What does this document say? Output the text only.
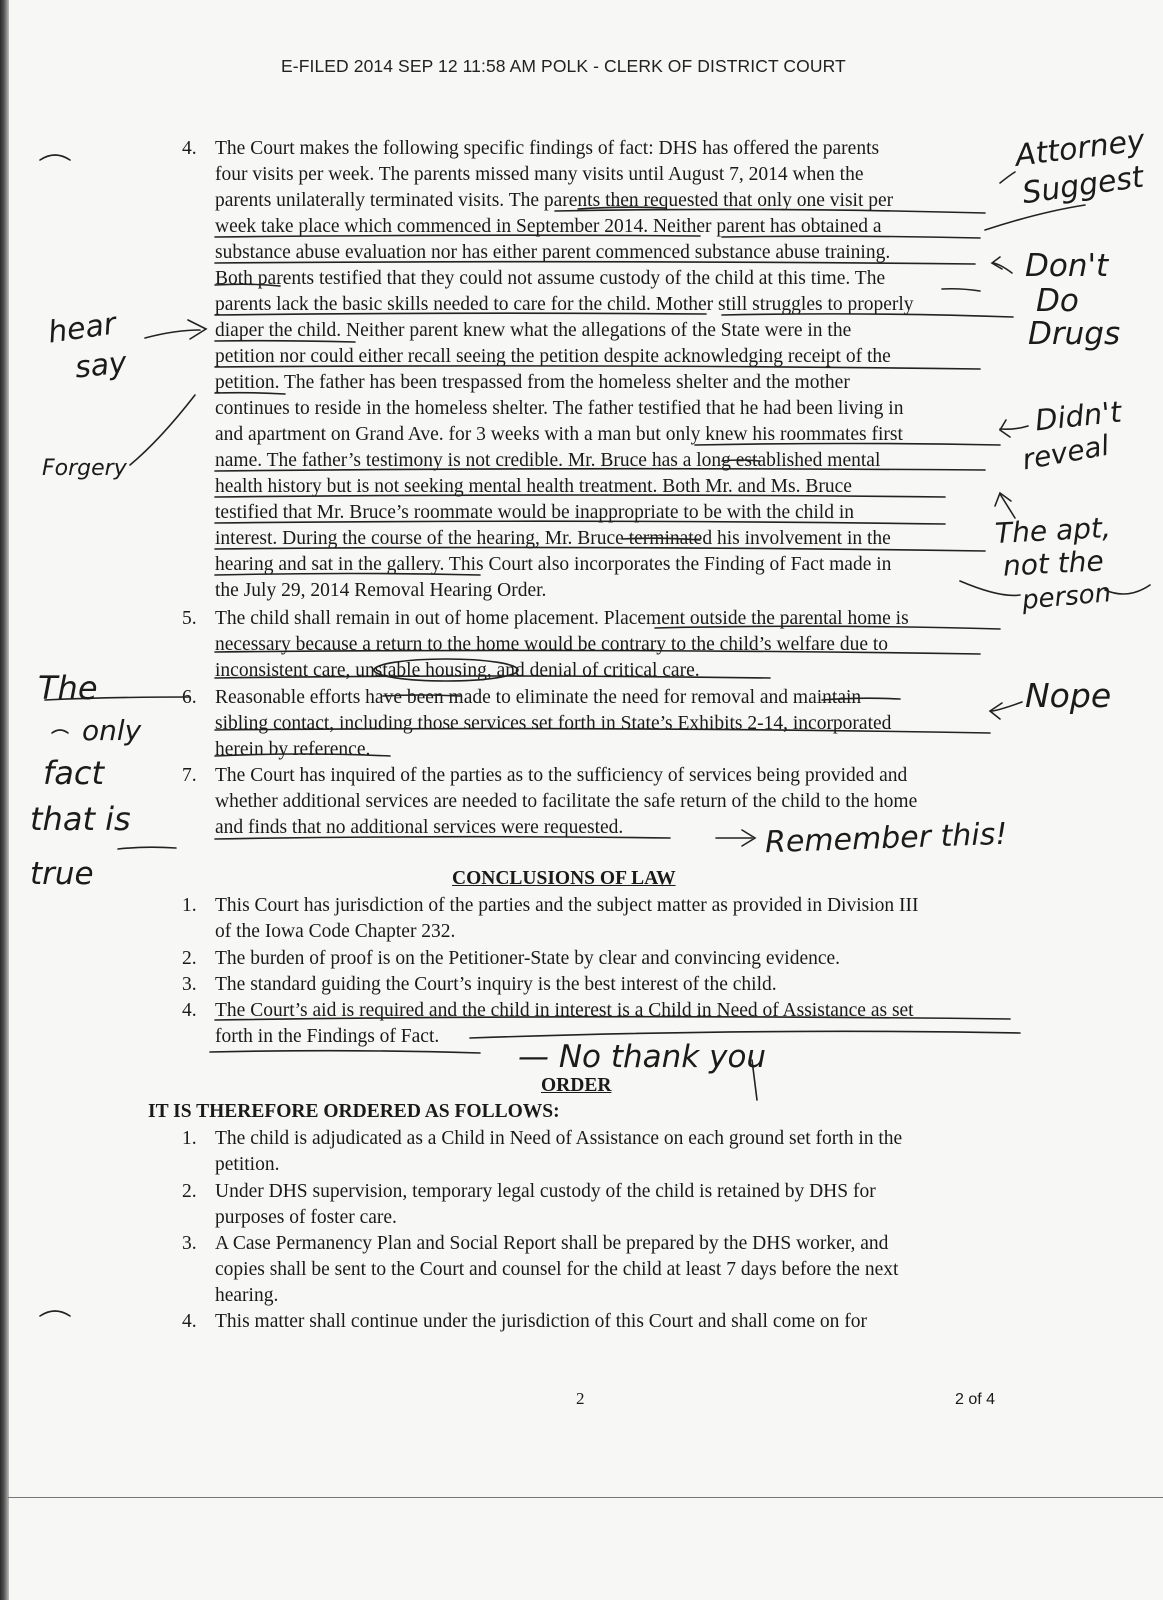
E-FILED 2014 SEP 12 11:58 AM POLK - CLERK OF DISTRICT COURT
4. The Court makes the following specific findings of fact: DHS has offered the parents
four visits per week. The parents missed many visits until August 7, 2014 when the
parents unilaterally terminated visits. The parents then requested that only one visit per
week take place which commenced in September 2014. Neither parent has obtained a
substance abuse evaluation nor has either parent commenced substance abuse training.
Both parents testified that they could not assume custody of the child at this time. The
parents lack the basic skills needed to care for the child. Mother still struggles to properly
diaper the child. Neither parent knew what the allegations of the State were in the
petition nor could either recall seeing the petition despite acknowledging receipt of the
petition. The father has been trespassed from the homeless shelter and the mother
continues to reside in the homeless shelter. The father testified that he had been living in
and apartment on Grand Ave. for 3 weeks with a man but only knew his roommates first
name. The father’s testimony is not credible. Mr. Bruce has a long established mental
health history but is not seeking mental health treatment. Both Mr. and Ms. Bruce
testified that Mr. Bruce’s roommate would be inappropriate to be with the child in
interest. During the course of the hearing, Mr. Bruce terminated his involvement in the
hearing and sat in the gallery. This Court also incorporates the Finding of Fact made in
the July 29, 2014 Removal Hearing Order.
5. The child shall remain in out of home placement. Placement outside the parental home is
necessary because a return to the home would be contrary to the child’s welfare due to
inconsistent care, unstable housing, and denial of critical care.
6. Reasonable efforts have been made to eliminate the need for removal and maintain
sibling contact, including those services set forth in State’s Exhibits 2-14, incorporated
herein by reference.
7. The Court has inquired of the parties as to the sufficiency of services being provided and
whether additional services are needed to facilitate the safe return of the child to the home
and finds that no additional services were requested.
CONCLUSIONS OF LAW
1. This Court has jurisdiction of the parties and the subject matter as provided in Division III
of the Iowa Code Chapter 232.
2. The burden of proof is on the Petitioner-State by clear and convincing evidence.
3. The standard guiding the Court’s inquiry is the best interest of the child.
4. The Court’s aid is required and the child in interest is a Child in Need of Assistance as set
forth in the Findings of Fact.
ORDER
IT IS THEREFORE ORDERED AS FOLLOWS:
1. The child is adjudicated as a Child in Need of Assistance on each ground set forth in the
petition.
2. Under DHS supervision, temporary legal custody of the child is retained by DHS for
purposes of foster care.
3. A Case Permanency Plan and Social Report shall be prepared by the DHS worker, and
copies shall be sent to the Court and counsel for the child at least 7 days before the next
hearing.
4. This matter shall continue under the jurisdiction of this Court and shall come on for
2	2 of 4
Attorney
Suggest
Don't
Do
Drugs
hear
say
Forgery
Didn't
reveal
The apt,
not the
person
The
only
fact
that is
true
Nope
Remember this!
— No thank you
